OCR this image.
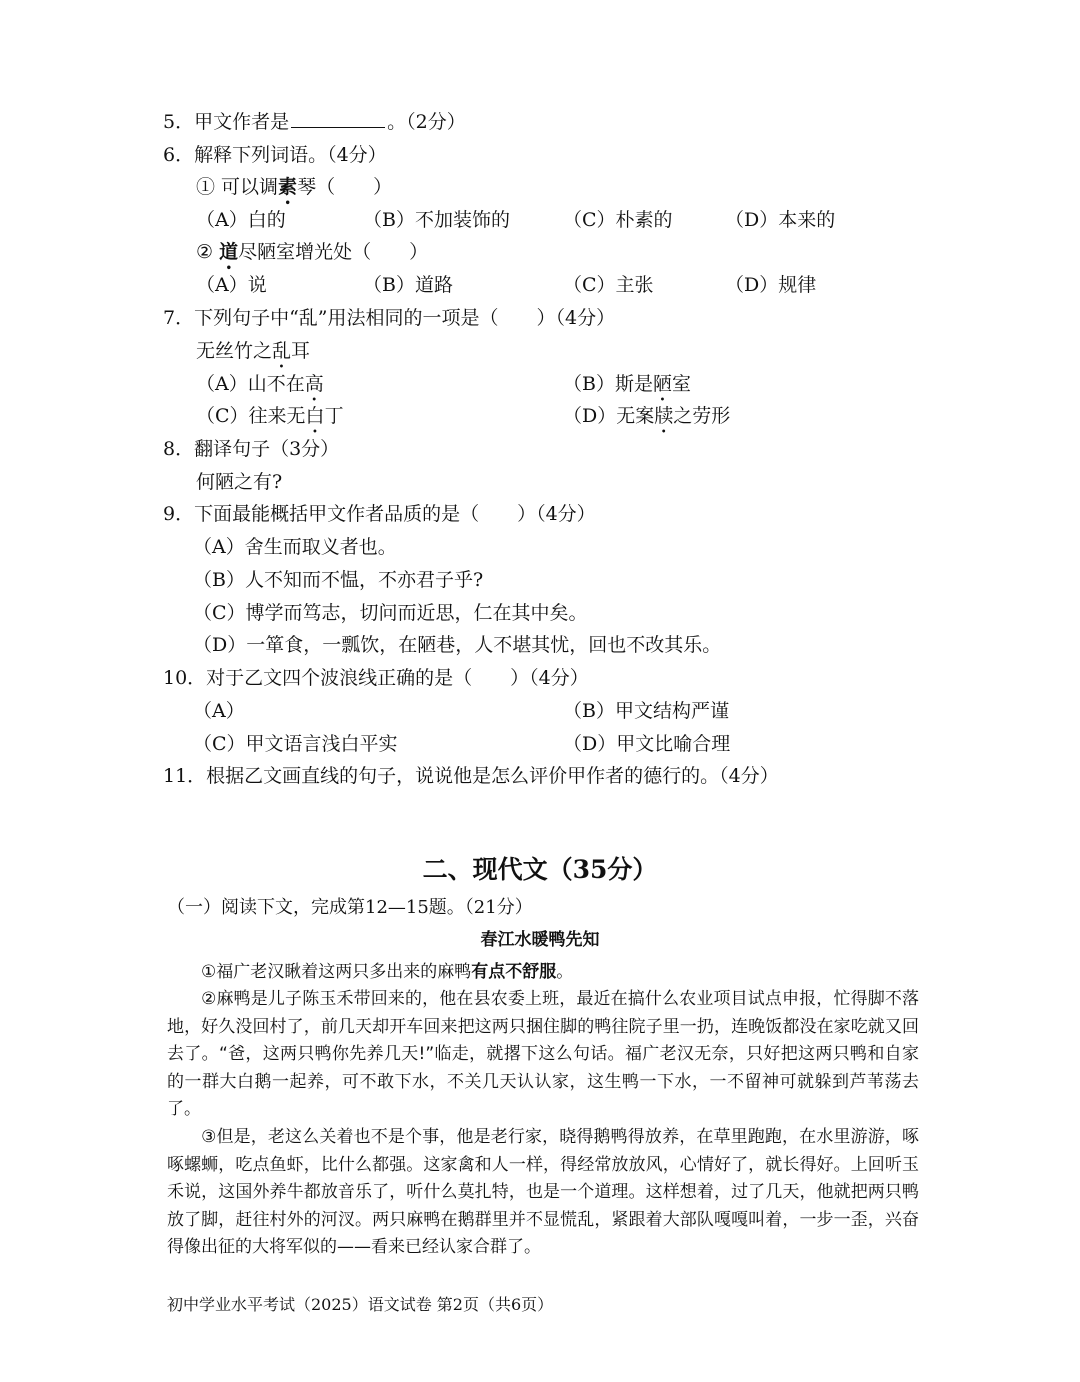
5．甲文作者是	。（2分）
6．解释下列词语。（4分）
① 可以调素琴（　　）
（A）白的	（B）不加装饰的	（C）朴素的	（D）本来的
② 道尽陋室增光处（　　）
（A）说	（B）道路	（C）主张	（D）规律
7．下列句子中“乱”用法相同的一项是（　　）（4分）
无丝竹之乱耳
（A）山不在高	（B）斯是陋室
（C）往来无白丁	（D）无案牍之劳形
8．翻译句子（3分）
何陋之有?
9．下面最能概括甲文作者品质的是（　　）（4分）
（A）舍生而取义者也。
（B）人不知而不愠，不亦君子乎?
（C）博学而笃志，切问而近思，仁在其中矣。
（D）一箪食，一瓢饮，在陋巷，人不堪其忧，回也不改其乐。
10．对于乙文四个波浪线正确的是（　　）（4分）
（A）	（B）甲文结构严谨
（C）甲文语言浅白平实	（D）甲文比喻合理
11．根据乙文画直线的句子，说说他是怎么评价甲作者的德行的。（4分）
二、现代文（35分）
（一）阅读下文，完成第12—15题。（21分）
春江水暖鸭先知
①福广老汉瞅着这两只多出来的麻鸭有点不舒服。
②麻鸭是儿子陈玉禾带回来的，他在县农委上班，最近在搞什么农业项目试点申报，忙得脚不落地，好久没回村了，前几天却开车回来把这两只捆住脚的鸭往院子里一扔，连晚饭都没在家吃就又回去了。“爸，这两只鸭你先养几天!”临走，就撂下这么句话。福广老汉无奈，只好把这两只鸭和自家的一群大白鹅一起养，可不敢下水，不关几天认认家，这生鸭一下水，一不留神可就躲到芦苇荡去了。
③但是，老这么关着也不是个事，他是老行家，晓得鹅鸭得放养，在草里跑跑，在水里游游，啄啄螺蛳，吃点鱼虾，比什么都强。这家禽和人一样，得经常放放风，心情好了，就长得好。上回听玉禾说，这国外养牛都放音乐了，听什么莫扎特，也是一个道理。这样想着，过了几天，他就把两只鸭放了脚，赶往村外的河汊。两只麻鸭在鹅群里并不显慌乱，紧跟着大部队嘎嘎叫着，一步一歪，兴奋得像出征的大将军似的——看来已经认家合群了。
初中学业水平考试（2025）语文试卷 第2页（共6页）
